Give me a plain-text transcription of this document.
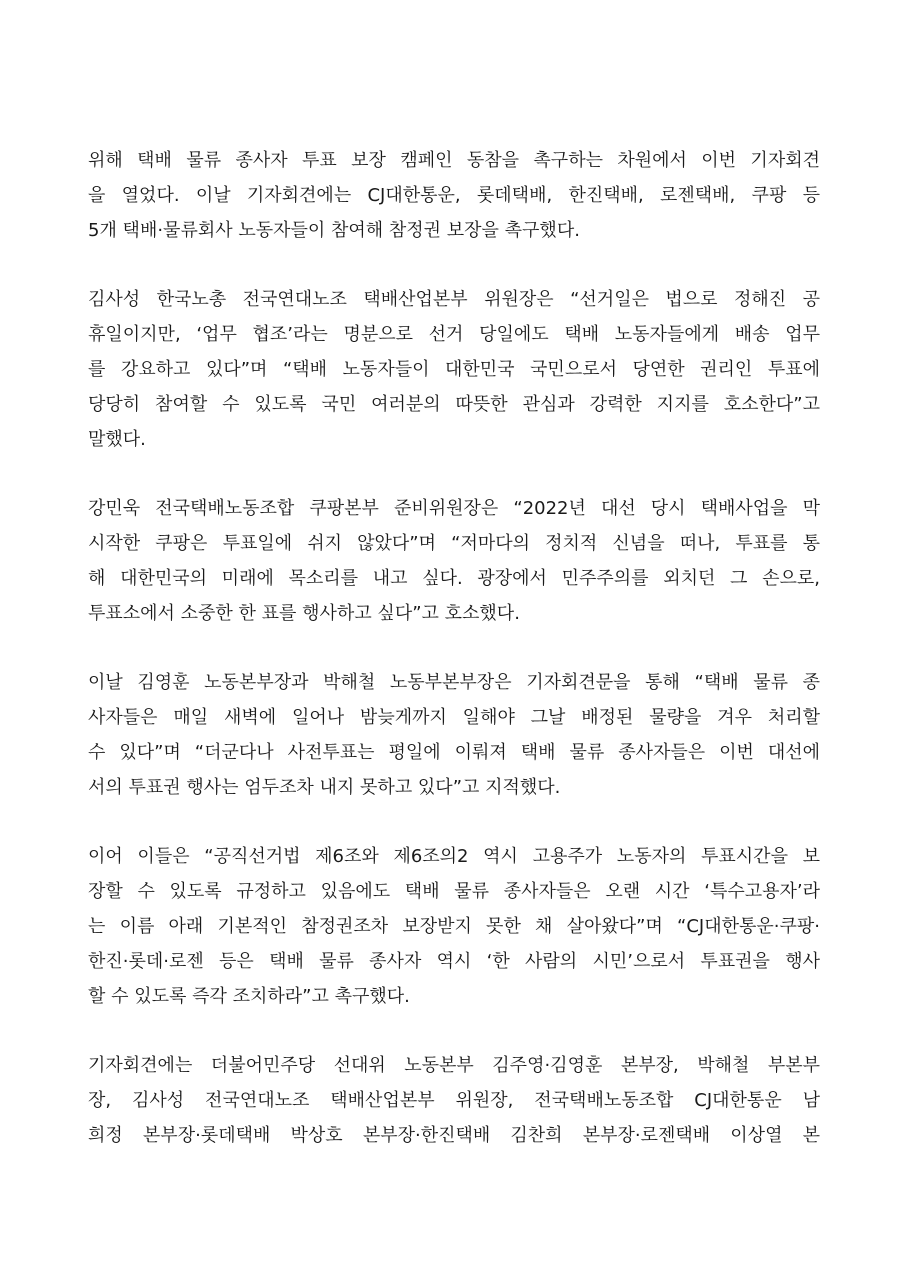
위해 택배 물류 종사자 투표 보장 캠페인 동참을 촉구하는 차원에서 이번 기자회견
을 열었다. 이날 기자회견에는 CJ대한통운, 롯데택배, 한진택배, 로젠택배, 쿠팡 등
5개 택배·물류회사 노동자들이 참여해 참정권 보장을 촉구했다.

김사성 한국노총 전국연대노조 택배산업본부 위원장은 “선거일은 법으로 정해진 공
휴일이지만, ‘업무 협조’라는 명분으로 선거 당일에도 택배 노동자들에게 배송 업무
를 강요하고 있다”며 “택배 노동자들이 대한민국 국민으로서 당연한 권리인 투표에
당당히 참여할 수 있도록 국민 여러분의 따뜻한 관심과 강력한 지지를 호소한다”고
말했다.

강민욱 전국택배노동조합 쿠팡본부 준비위원장은 “2022년 대선 당시 택배사업을 막
시작한 쿠팡은 투표일에 쉬지 않았다”며 “저마다의 정치적 신념을 떠나, 투표를 통
해 대한민국의 미래에 목소리를 내고 싶다. 광장에서 민주주의를 외치던 그 손으로,
투표소에서 소중한 한 표를 행사하고 싶다”고 호소했다.

이날 김영훈 노동본부장과 박해철 노동부본부장은 기자회견문을 통해 “택배 물류 종
사자들은 매일 새벽에 일어나 밤늦게까지 일해야 그날 배정된 물량을 겨우 처리할
수 있다”며 “더군다나 사전투표는 평일에 이뤄져 택배 물류 종사자들은 이번 대선에
서의 투표권 행사는 엄두조차 내지 못하고 있다”고 지적했다.

이어 이들은 “공직선거법 제6조와 제6조의2 역시 고용주가 노동자의 투표시간을 보
장할 수 있도록 규정하고 있음에도 택배 물류 종사자들은 오랜 시간 ‘특수고용자’라
는 이름 아래 기본적인 참정권조차 보장받지 못한 채 살아왔다”며 “CJ대한통운·쿠팡·
한진·롯데·로젠 등은 택배 물류 종사자 역시 ‘한 사람의 시민’으로서 투표권을 행사
할 수 있도록 즉각 조치하라”고 촉구했다.

기자회견에는 더불어민주당 선대위 노동본부 김주영·김영훈 본부장, 박해철 부본부
장, 김사성 전국연대노조 택배산업본부 위원장, 전국택배노동조합 CJ대한통운 남
희정 본부장·롯데택배 박상호 본부장·한진택배 김찬희 본부장·로젠택배 이상열 본
